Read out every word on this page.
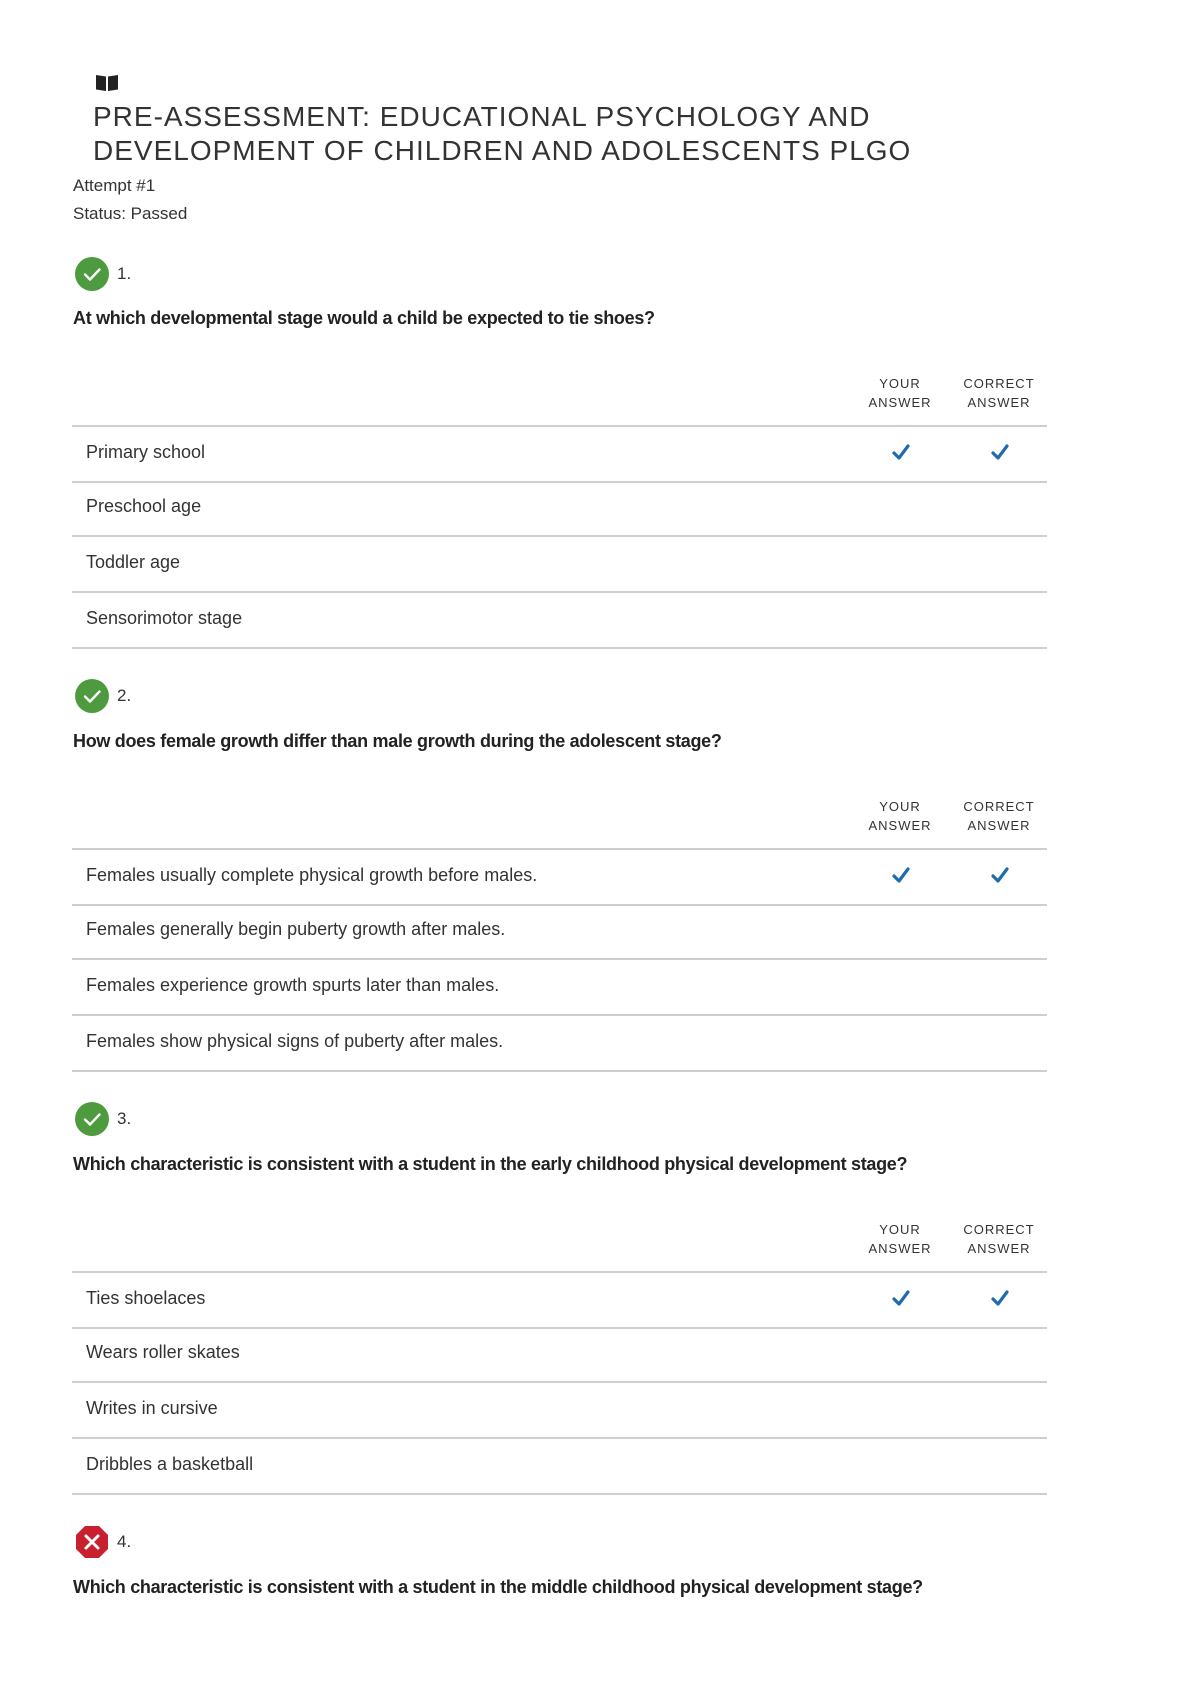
PRE-ASSESSMENT: EDUCATIONAL PSYCHOLOGY AND
DEVELOPMENT OF CHILDREN AND ADOLESCENTS PLGO
Attempt #1
Status: Passed
1.
At which developmental stage would a child be expected to tie shoes?
YOUR
ANSWER
CORRECT
ANSWER
Primary school
Preschool age
Toddler age
Sensorimotor stage
2.
How does female growth differ than male growth during the adolescent stage?
YOUR
ANSWER
CORRECT
ANSWER
Females usually complete physical growth before males.
Females generally begin puberty growth after males.
Females experience growth spurts later than males.
Females show physical signs of puberty after males.
3.
Which characteristic is consistent with a student in the early childhood physical development stage?
YOUR
ANSWER
CORRECT
ANSWER
Ties shoelaces
Wears roller skates
Writes in cursive
Dribbles a basketball
4.
Which characteristic is consistent with a student in the middle childhood physical development stage?
